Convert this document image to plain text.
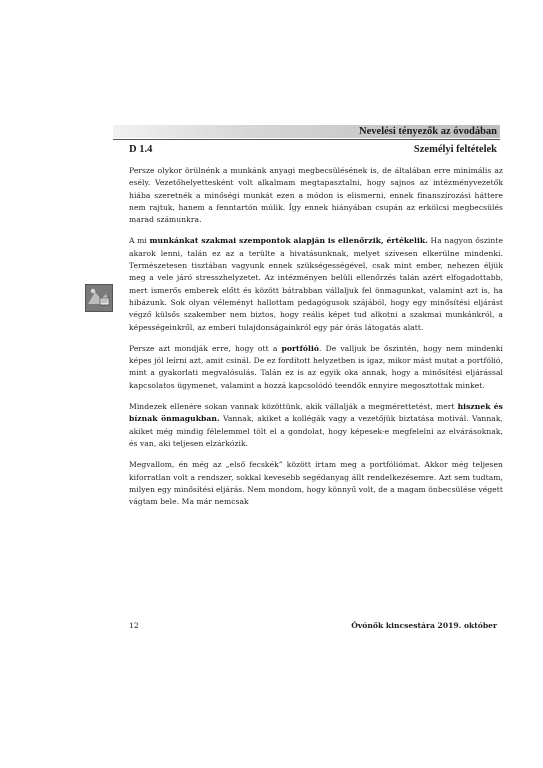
Nevelési tényezők az óvodában
D 1.4	Személyi feltételek

Persze olykor örülnénk a munkánk anyagi megbecsülésének is, de általában erre minimális az esély. Vezetőhelyettesként volt alkalmam megtapasztalni, hogy sajnos az intézményvezetők hiába szeretnék a minőségi munkát ezen a módon is elismerni, ennek finanszírozási háttere nem rajtuk, hanem a fenntartón múlik. Így ennek hiányában csupán az erkölcsi megbecsülés marad számunkra.

A mi munkánkat szakmai szempontok alapján is ellenőrzik, értékelik. Ha nagyon őszinte akarok lenni, talán ez az a terülte a hivatásunknak, melyet szívesen elkerülne mindenki. Természetesen tisztában vagyunk ennek szükségességével, csak mint ember, nehezen éljük meg a vele járó stresszhelyzetet. Az intézményen belüli ellenőrzés talán azért elfogadottabb, mert ismerős emberek előtt és között bátrabban vállaljuk fel önmagunkat, valamint azt is, ha hibázunk. Sok olyan véleményt hallottam pedagógusok szájából, hogy egy minősítési eljárást végző külsős szakember nem biztos, hogy reális képet tud alkotni a szakmai munkánkról, a képességeinkről, az emberi tulajdonságainkról egy pár órás látogatás alatt.

Persze azt mondják erre, hogy ott a portfólió. De valljuk be őszintén, hogy nem mindenki képes jól leírni azt, amit csinál. De ez fordított helyzetben is igaz, mikor mást mutat a portfólió, mint a gyakorlati megvalósulás. Talán ez is az egyik oka annak, hogy a minősítési eljárással kapcsolatos ügymenet, valamint a hozzá kapcsolódó teendők ennyire megosztottak minket.

Mindezek ellenére sokan vannak közöttünk, akik vállalják a megmérettetést, mert hisznek és bíznak önmagukban. Vannak, akiket a kollégák vagy a vezetőjük biztatása motivál. Vannak, akiket még mindig félelemmel tölt el a gondolat, hogy képesek-e megfelelni az elvárásoknak, és van, aki teljesen elzárkózik.

Megvallom, én még az „első fecskék” között írtam meg a portfóliómat. Akkor még teljesen kiforratlan volt a rendszer, sokkal kevesebb segédanyag állt rendelkezésemre. Azt sem tudtam, milyen egy minősítési eljárás. Nem mondom, hogy könnyű volt, de a magam önbecsülése végett vágtam bele. Ma már nemcsak

12	Óvónők kincsestára 2019. október
